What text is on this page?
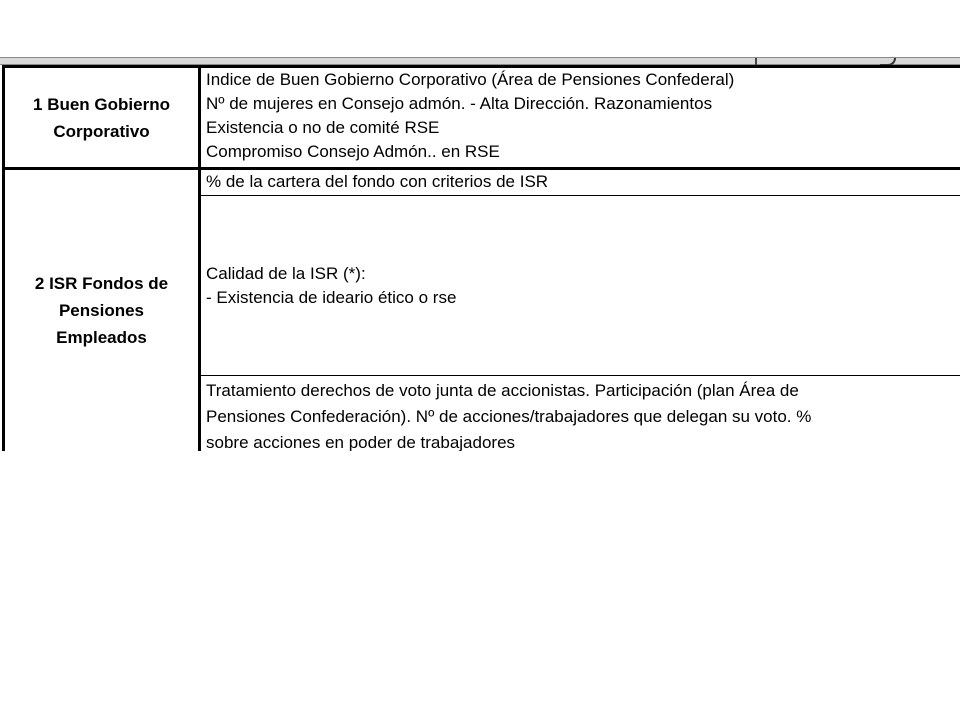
1 Buen Gobierno
Corporativo
Indice de Buen Gobierno Corporativo (Área de Pensiones Confederal)
Nº de mujeres en Consejo admón. - Alta Dirección. Razonamientos
Existencia o no de comité RSE
Compromiso Consejo Admón.. en RSE
2 ISR Fondos de
Pensiones
Empleados
% de la cartera del fondo con criterios de ISR
Calidad de la ISR (*):
- Existencia de ideario ético o rse
Tratamiento derechos de voto junta de accionistas. Participación (plan Área de
Pensiones Confederación). Nº de acciones/trabajadores que delegan su voto. %
sobre acciones en poder de trabajadores
